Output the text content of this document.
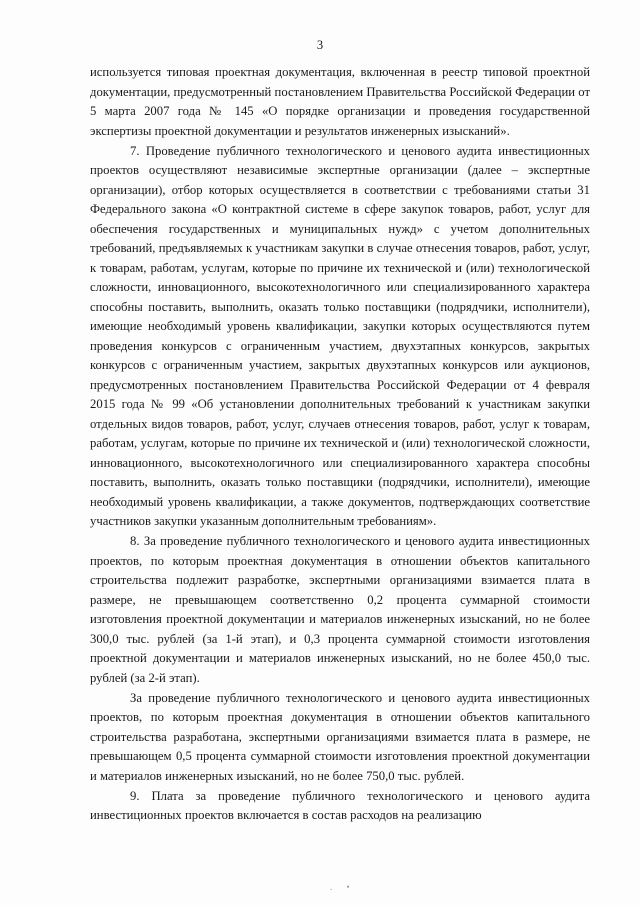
3

используется типовая проектная документация, включенная в реестр типовой проектной документации, предусмотренный постановлением Правительства Российской Федерации от 5 марта 2007 года № 145 «О порядке организации и проведения государственной экспертизы проектной документации и результатов инженерных изысканий».

7. Проведение публичного технологического и ценового аудита инвестиционных проектов осуществляют независимые экспертные организации (далее – экспертные организации), отбор которых осуществляется в соответствии с требованиями статьи 31 Федерального закона «О контрактной системе в сфере закупок товаров, работ, услуг для обеспечения государственных и муниципальных нужд» с учетом дополнительных требований, предъявляемых к участникам закупки в случае отнесения товаров, работ, услуг, к товарам, работам, услугам, которые по причине их технической и (или) технологической сложности, инновационного, высокотехнологичного или специализированного характера способны поставить, выполнить, оказать только поставщики (подрядчики, исполнители), имеющие необходимый уровень квалификации, закупки которых осуществляются путем проведения конкурсов с ограниченным участием, двухэтапных конкурсов, закрытых конкурсов с ограниченным участием, закрытых двухэтапных конкурсов или аукционов, предусмотренных постановлением Правительства Российской Федерации от 4 февраля 2015 года № 99 «Об установлении дополнительных требований к участникам закупки отдельных видов товаров, работ, услуг, случаев отнесения товаров, работ, услуг к товарам, работам, услугам, которые по причине их технической и (или) технологической сложности, инновационного, высокотехнологичного или специализированного характера способны поставить, выполнить, оказать только поставщики (подрядчики, исполнители), имеющие необходимый уровень квалификации, а также документов, подтверждающих соответствие участников закупки указанным дополнительным требованиям».

8. За проведение публичного технологического и ценового аудита инвестиционных проектов, по которым проектная документация в отношении объектов капитального строительства подлежит разработке, экспертными организациями взимается плата в размере, не превышающем соответственно 0,2 процента суммарной стоимости изготовления проектной документации и материалов инженерных изысканий, но не более 300,0 тыс. рублей (за 1-й этап), и 0,3 процента суммарной стоимости изготовления проектной документации и материалов инженерных изысканий, но не более 450,0 тыс. рублей (за 2-й этап).

За проведение публичного технологического и ценового аудита инвестиционных проектов, по которым проектная документация в отношении объектов капитального строительства разработана, экспертными организациями взимается плата в размере, не превышающем 0,5 процента суммарной стоимости изготовления проектной документации и материалов инженерных изысканий, но не более 750,0 тыс. рублей.

9. Плата за проведение публичного технологического и ценового аудита инвестиционных проектов включается в состав расходов на реализацию

. •
